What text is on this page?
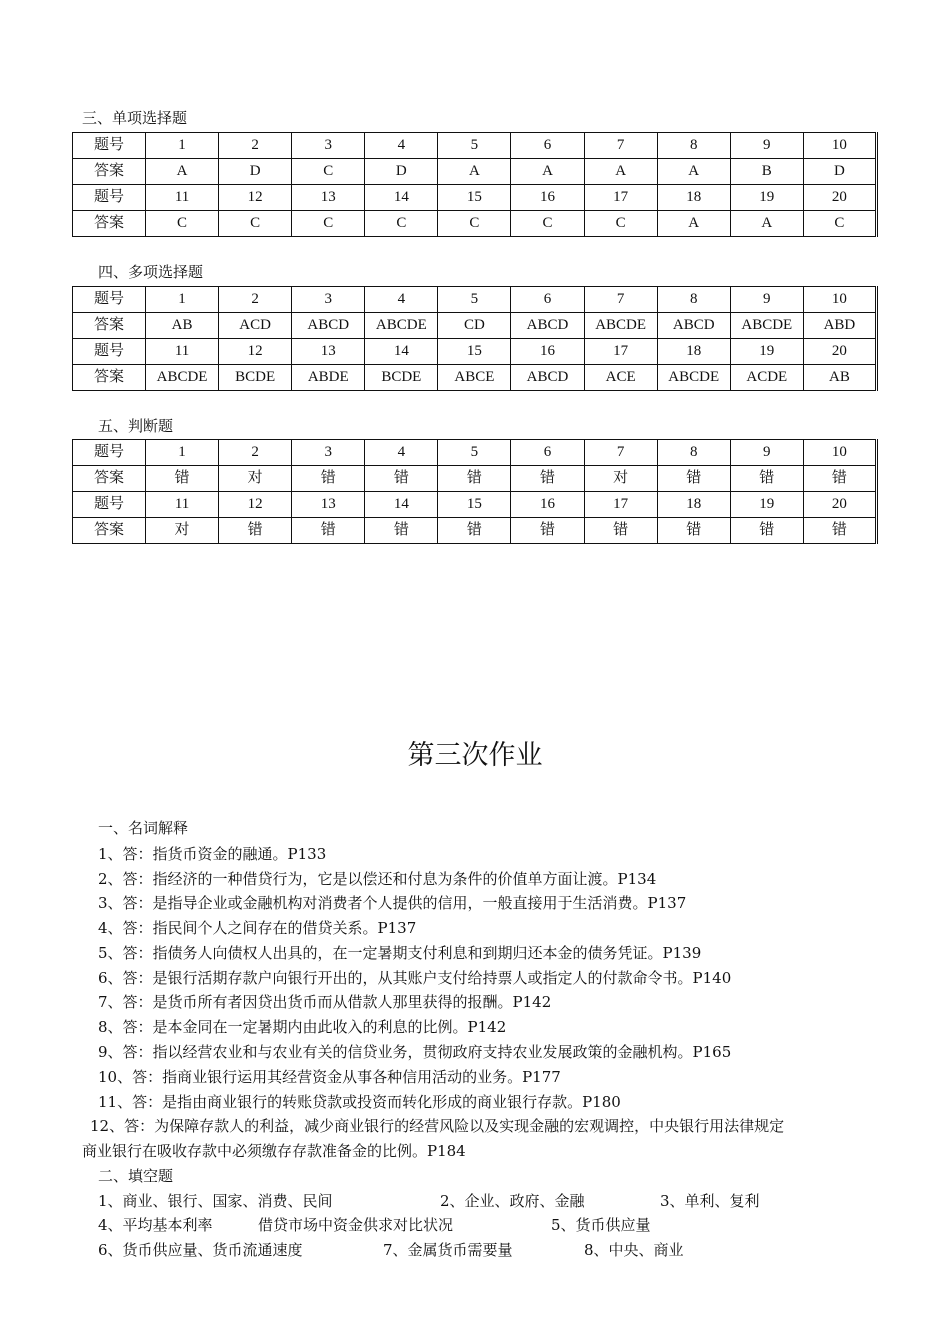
三、单项选择题
题号	1	2	3	4	5	6	7	8	9	10
答案	A	D	C	D	A	A	A	A	B	D
题号	11	12	13	14	15	16	17	18	19	20
答案	C	C	C	C	C	C	C	A	A	C
四、多项选择题
题号	1	2	3	4	5	6	7	8	9	10
答案	AB	ACD	ABCD	ABCDE	CD	ABCD	ABCDE	ABCD	ABCDE	ABD
题号	11	12	13	14	15	16	17	18	19	20
答案	ABCDE	BCDE	ABDE	BCDE	ABCE	ABCD	ACE	ABCDE	ACDE	AB
五、判断题
题号	1	2	3	4	5	6	7	8	9	10
答案	错	对	错	错	错	错	对	错	错	错
题号	11	12	13	14	15	16	17	18	19	20
答案	对	错	错	错	错	错	错	错	错	错
第三次作业
一、名词解释
1、答：指货币资金的融通。P133
2、答：指经济的一种借贷行为，它是以偿还和付息为条件的价值单方面让渡。P134
3、答：是指导企业或金融机构对消费者个人提供的信用，一般直接用于生活消费。P137
4、答：指民间个人之间存在的借贷关系。P137
5、答：指债务人向债权人出具的，在一定暑期支付利息和到期归还本金的债务凭证。P139
6、答：是银行活期存款户向银行开出的，从其账户支付给持票人或指定人的付款命令书。P140
7、答：是货币所有者因贷出货币而从借款人那里获得的报酬。P142
8、答：是本金同在一定暑期内由此收入的利息的比例。P142
9、答：指以经营农业和与农业有关的信贷业务，贯彻政府支持农业发展政策的金融机构。P165
10、答：指商业银行运用其经营资金从事各种信用活动的业务。P177
11、答：是指由商业银行的转账贷款或投资而转化形成的商业银行存款。P180
12、答：为保障存款人的利益，减少商业银行的经营风险以及实现金融的宏观调控，中央银行用法律规定
商业银行在吸收存款中必须缴存存款准备金的比例。P184
二、填空题
1、商业、银行、国家、消费、民间	2、企业、政府、金融	3、单利、复利
4、平均基本利率	借贷市场中资金供求对比状况	5、货币供应量
6、货币供应量、货币流通速度	7、金属货币需要量	8、中央、商业
